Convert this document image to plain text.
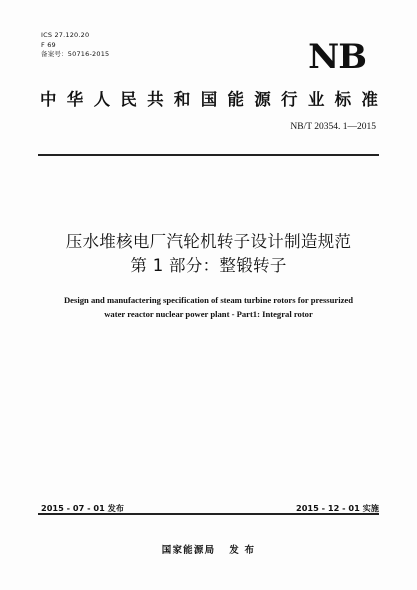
ICS 27.120.20
F 69
备案号：50716-2015	NB
中 华 人 民 共 和 国 能 源 行 业 标 准
NB/T 20354. 1—2015
压水堆核电厂汽轮机转子设计制造规范
第 1 部分：整锻转子
Design and manufactering specification of steam turbine rotors for pressurized
water reactor nuclear power plant - Part1: Integral rotor
2015 - 07 - 01 发布	2015 - 12 - 01 实施
国家能源局 发 布
